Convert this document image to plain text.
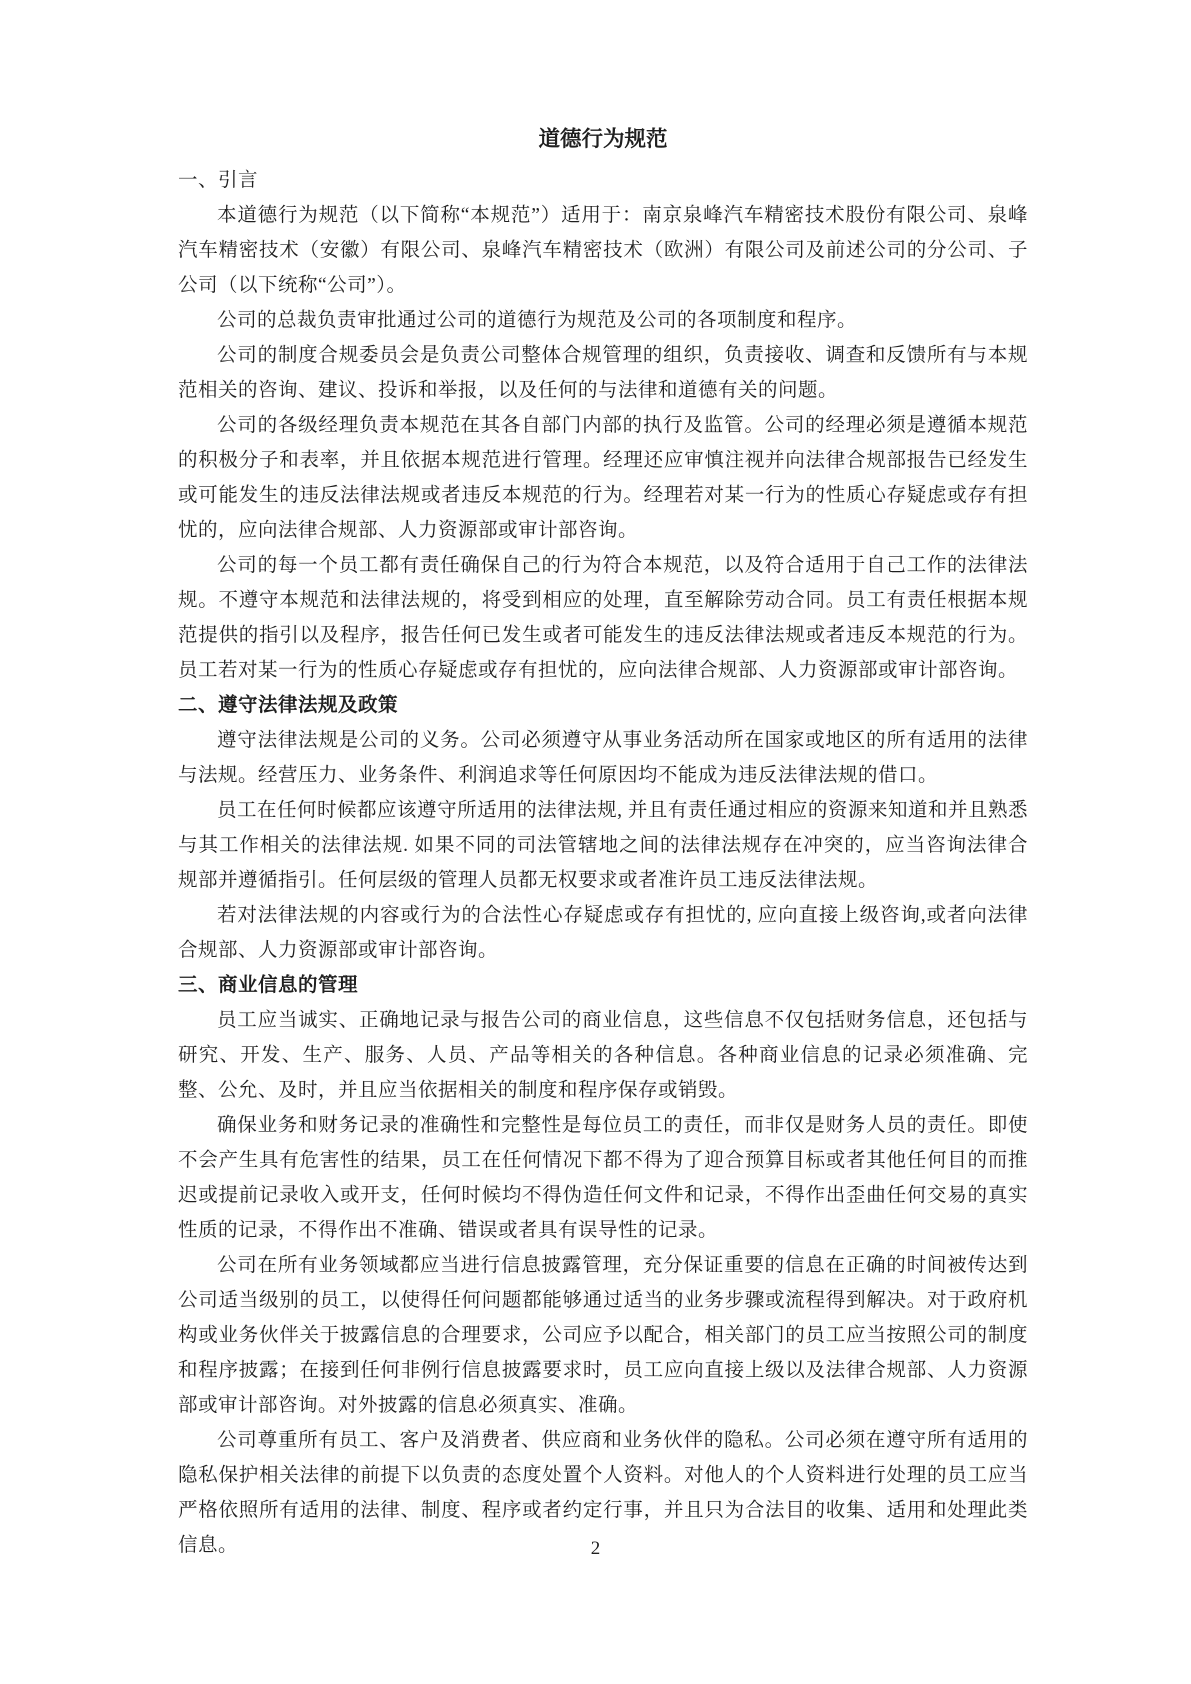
道德行为规范
一、引言

本道德行为规范（以下简称“本规范”）适用于：南京泉峰汽车精密技术股份有限公司、泉峰汽车精密技术（安徽）有限公司、泉峰汽车精密技术（欧洲）有限公司及前述公司的分公司、子公司（以下统称“公司”）。

公司的总裁负责审批通过公司的道德行为规范及公司的各项制度和程序。

公司的制度合规委员会是负责公司整体合规管理的组织，负责接收、调查和反馈所有与本规范相关的咨询、建议、投诉和举报，以及任何的与法律和道德有关的问题。

公司的各级经理负责本规范在其各自部门内部的执行及监管。公司的经理必须是遵循本规范的积极分子和表率，并且依据本规范进行管理。经理还应审慎注视并向法律合规部报告已经发生或可能发生的违反法律法规或者违反本规范的行为。经理若对某一行为的性质心存疑虑或存有担忧的，应向法律合规部、人力资源部或审计部咨询。

公司的每一个员工都有责任确保自己的行为符合本规范，以及符合适用于自己工作的法律法规。不遵守本规范和法律法规的，将受到相应的处理，直至解除劳动合同。员工有责任根据本规范提供的指引以及程序，报告任何已发生或者可能发生的违反法律法规或者违反本规范的行为。员工若对某一行为的性质心存疑虑或存有担忧的，应向法律合规部、人力资源部或审计部咨询。

二、遵守法律法规及政策

遵守法律法规是公司的义务。公司必须遵守从事业务活动所在国家或地区的所有适用的法律与法规。经营压力、业务条件、利润追求等任何原因均不能成为违反法律法规的借口。

员工在任何时候都应该遵守所适用的法律法规, 并且有责任通过相应的资源来知道和并且熟悉与其工作相关的法律法规. 如果不同的司法管辖地之间的法律法规存在冲突的，应当咨询法律合规部并遵循指引。任何层级的管理人员都无权要求或者准许员工违反法律法规。

若对法律法规的内容或行为的合法性心存疑虑或存有担忧的, 应向直接上级咨询,或者向法律合规部、人力资源部或审计部咨询。

三、商业信息的管理

员工应当诚实、正确地记录与报告公司的商业信息，这些信息不仅包括财务信息，还包括与研究、开发、生产、服务、人员、产品等相关的各种信息。各种商业信息的记录必须准确、完整、公允、及时，并且应当依据相关的制度和程序保存或销毁。

确保业务和财务记录的准确性和完整性是每位员工的责任，而非仅是财务人员的责任。即使不会产生具有危害性的结果，员工在任何情况下都不得为了迎合预算目标或者其他任何目的而推迟或提前记录收入或开支，任何时候均不得伪造任何文件和记录，不得作出歪曲任何交易的真实性质的记录，不得作出不准确、错误或者具有误导性的记录。

公司在所有业务领域都应当进行信息披露管理，充分保证重要的信息在正确的时间被传达到公司适当级别的员工，以使得任何问题都能够通过适当的业务步骤或流程得到解决。对于政府机构或业务伙伴关于披露信息的合理要求，公司应予以配合，相关部门的员工应当按照公司的制度和程序披露；在接到任何非例行信息披露要求时，员工应向直接上级以及法律合规部、人力资源部或审计部咨询。对外披露的信息必须真实、准确。

公司尊重所有员工、客户及消费者、供应商和业务伙伴的隐私。公司必须在遵守所有适用的隐私保护相关法律的前提下以负责的态度处置个人资料。对他人的个人资料进行处理的员工应当严格依照所有适用的法律、制度、程序或者约定行事，并且只为合法目的收集、适用和处理此类信息。	2
